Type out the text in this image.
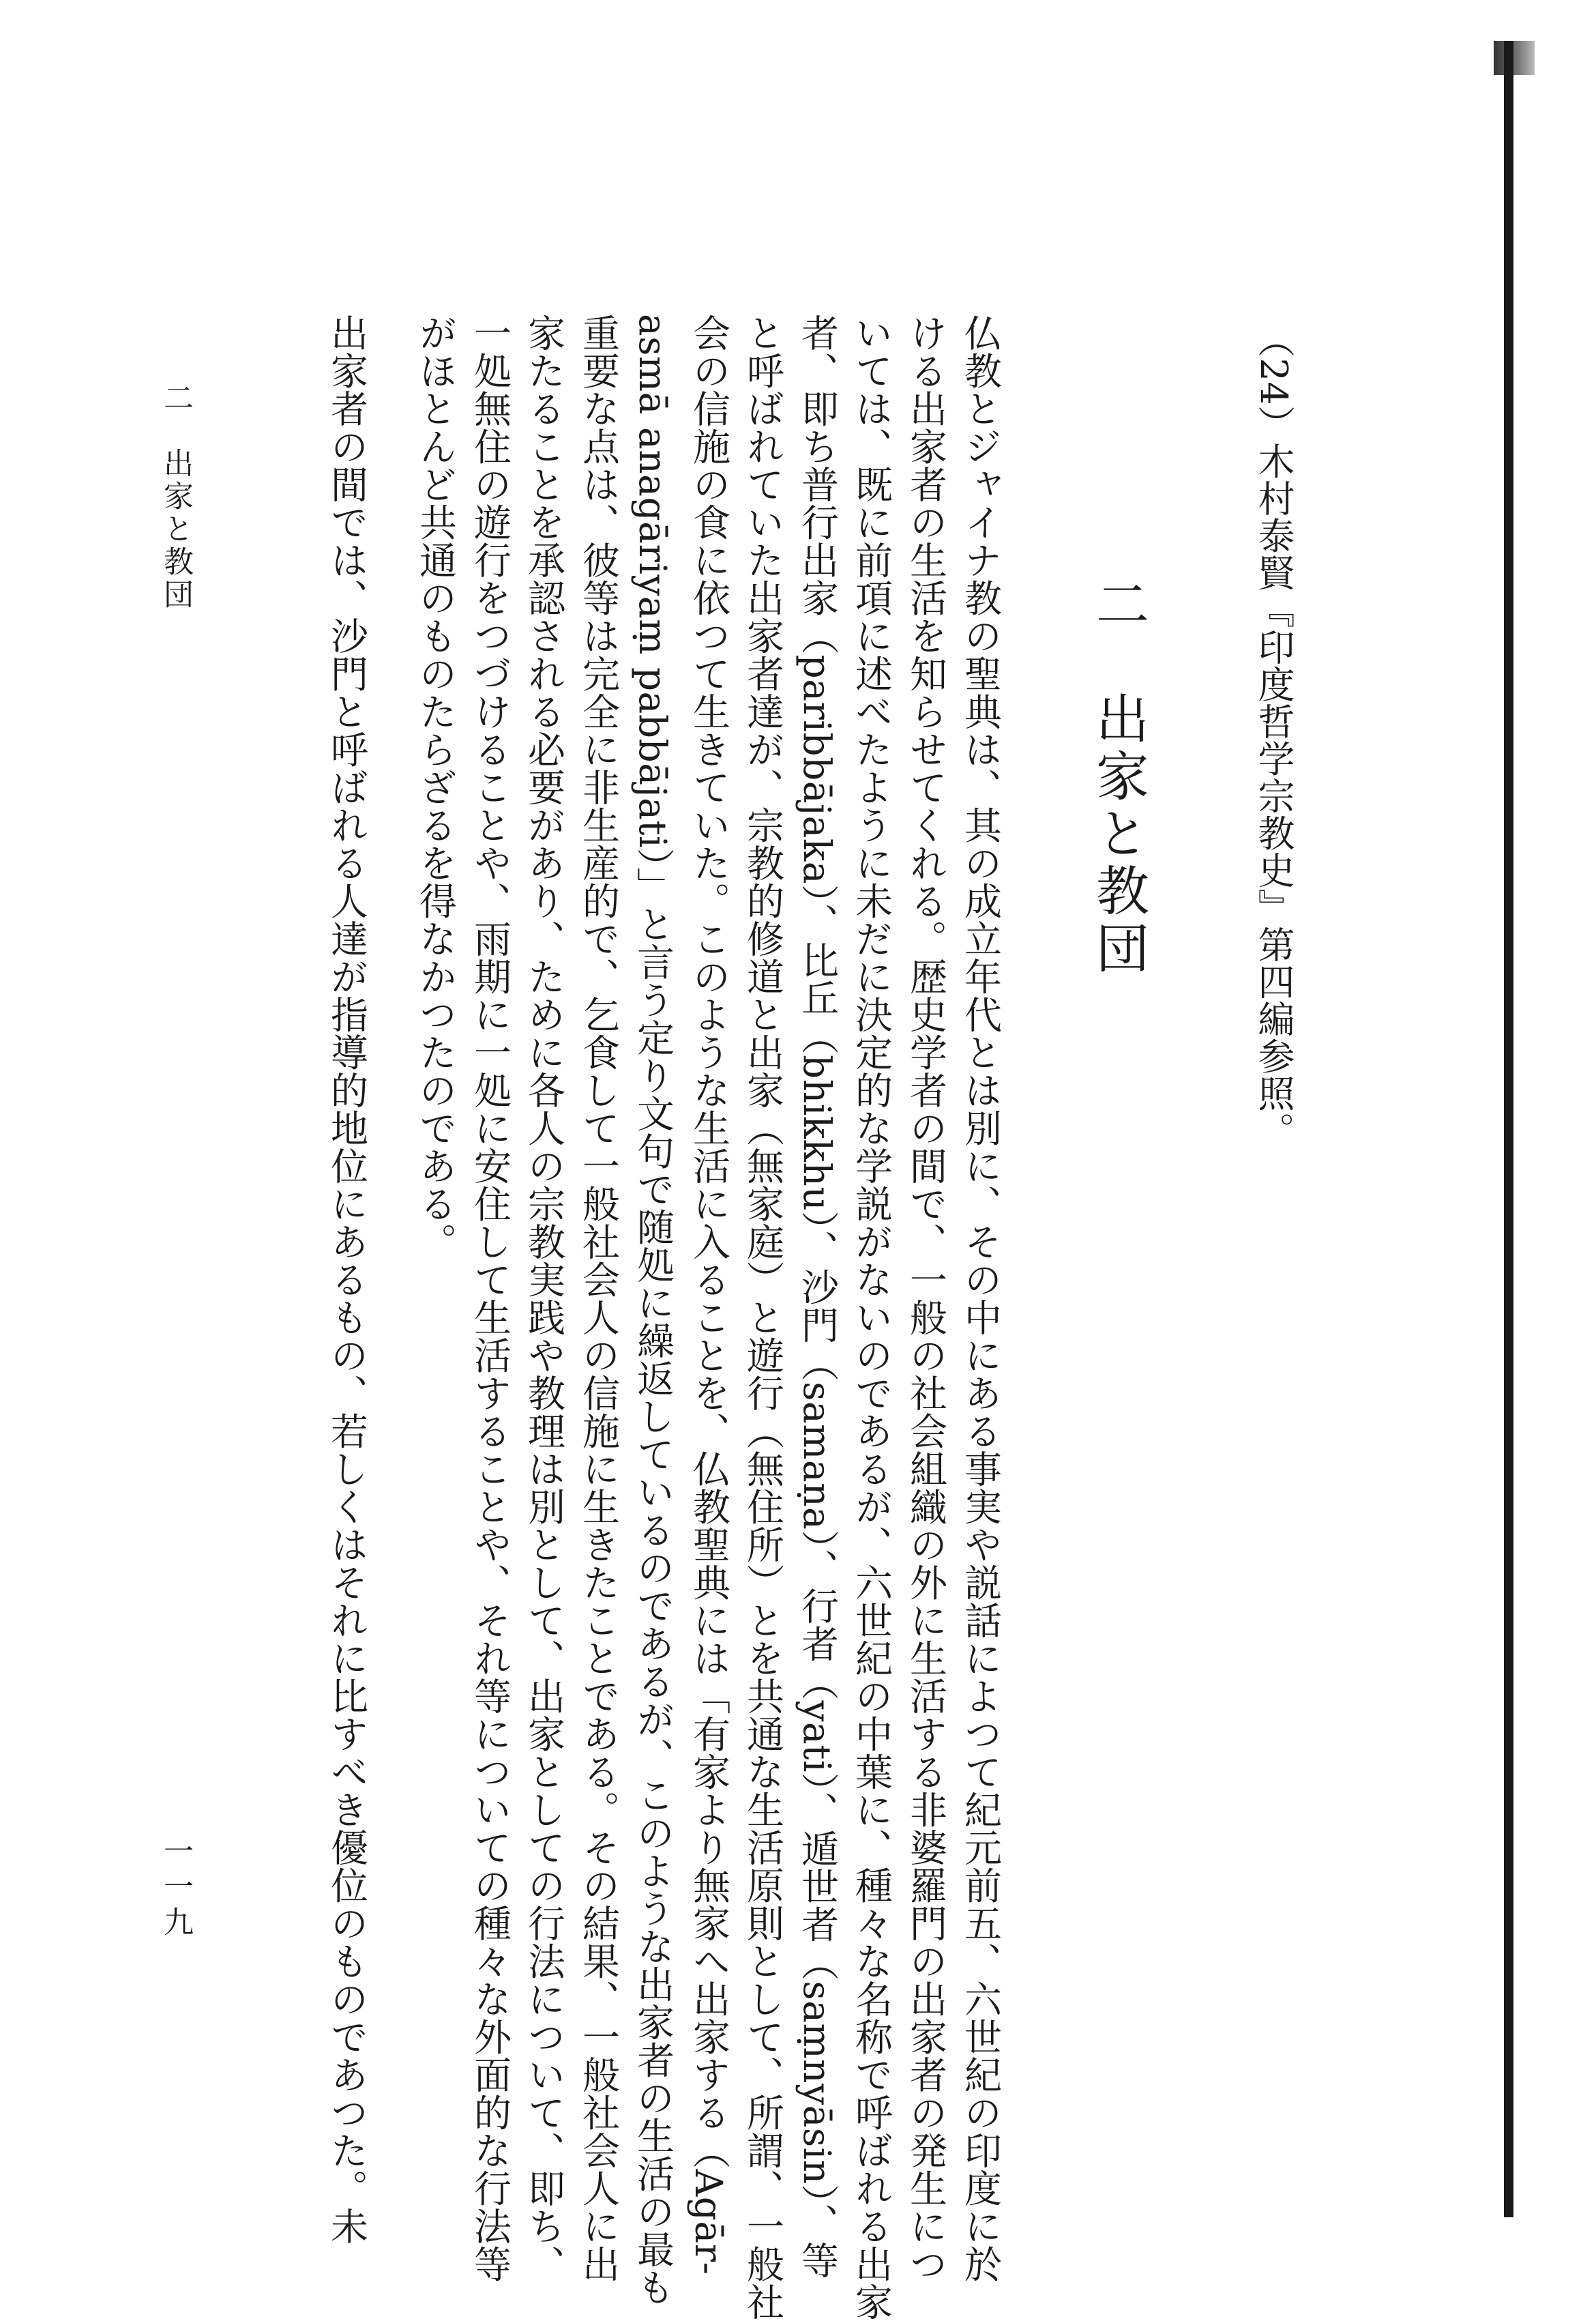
（24）木村泰賢『印度哲学宗教史』第四編参照。
二　出家と教団
仏教とジャイナ教の聖典は、其の成立年代とは別に、その中にある事実や説話によつて紀元前五、六世紀の印度に於
ける出家者の生活を知らせてくれる。歴史学者の間で、一般の社会組織の外に生活する非婆羅門の出家者の発生につ
いては、既に前項に述べたように未だに決定的な学説がないのであるが、六世紀の中葉に、種々な名称で呼ばれる出家
者、即ち普行出家（paribbājaka）、比丘（bhikkhu）、沙門（samaṇa）、行者（yati）、遁世者（saṃnyāsin）、等
と呼ばれていた出家者達が、宗教的修道と出家（無家庭）と遊行（無住所）とを共通な生活原則として、所謂、一般社
会の信施の食に依つて生きていた。このような生活に入ることを、仏教聖典には「有家より無家へ出家する（Agār-
asmā anagāriyaṃ pabbājati）」と言う定り文句で随処に繰返しているのであるが、このような出家者の生活の最も
重要な点は、彼等は完全に非生産的で、乞食して一般社会人の信施に生きたことである。その結果、一般社会人に出
家たることを承認される必要があり、ために各人の宗教実践や教理は別として、出家としての行法について、即ち、
一処無住の遊行をつづけることや、雨期に一処に安住して生活することや、それ等についての種々な外面的な行法等
がほとんど共通のものたらざるを得なかつたのである。
出家者の間では、沙門と呼ばれる人達が指導的地位にあるもの、若しくはそれに比すべき優位のものであつた。未
二　出家と教団
一一九
